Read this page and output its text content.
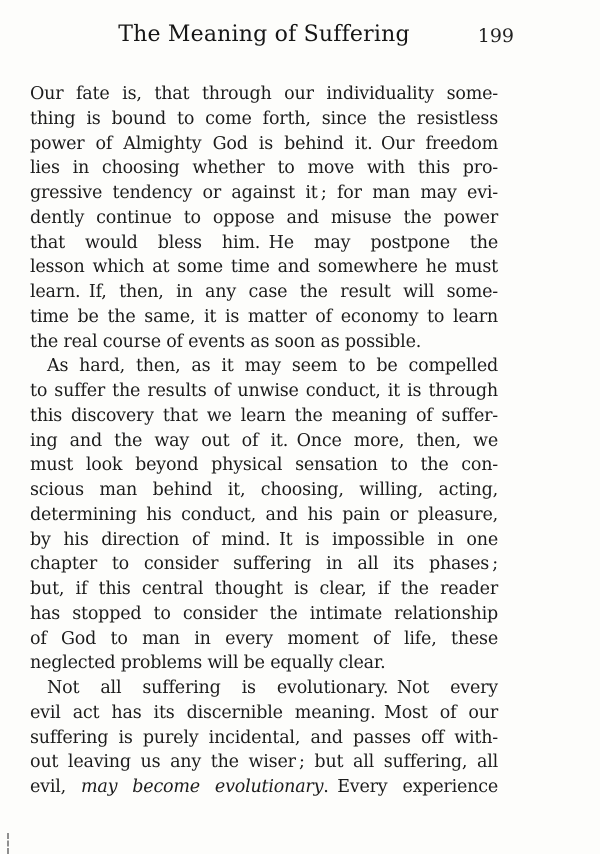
The Meaning of Suffering	199
Our fate is, that through our individuality some-
thing is bound to come forth, since the resistless
power of Almighty God is behind it. Our freedom
lies in choosing whether to move with this pro-
gressive tendency or against it ; for man may evi-
dently continue to oppose and misuse the power
that would bless him. He may postpone the
lesson which at some time and somewhere he must
learn. If, then, in any case the result will some-
time be the same, it is matter of economy to learn
the real course of events as soon as possible.
As hard, then, as it may seem to be compelled
to suffer the results of unwise conduct, it is through
this discovery that we learn the meaning of suffer-
ing and the way out of it. Once more, then, we
must look beyond physical sensation to the con-
scious man behind it, choosing, willing, acting,
determining his conduct, and his pain or pleasure,
by his direction of mind. It is impossible in one
chapter to consider suffering in all its phases ;
but, if this central thought is clear, if the reader
has stopped to consider the intimate relationship
of God to man in every moment of life, these
neglected problems will be equally clear.
Not all suffering is evolutionary. Not every
evil act has its discernible meaning. Most of our
suffering is purely incidental, and passes off with-
out leaving us any the wiser ; but all suffering, all
evil, may become evolutionary. Every experience
